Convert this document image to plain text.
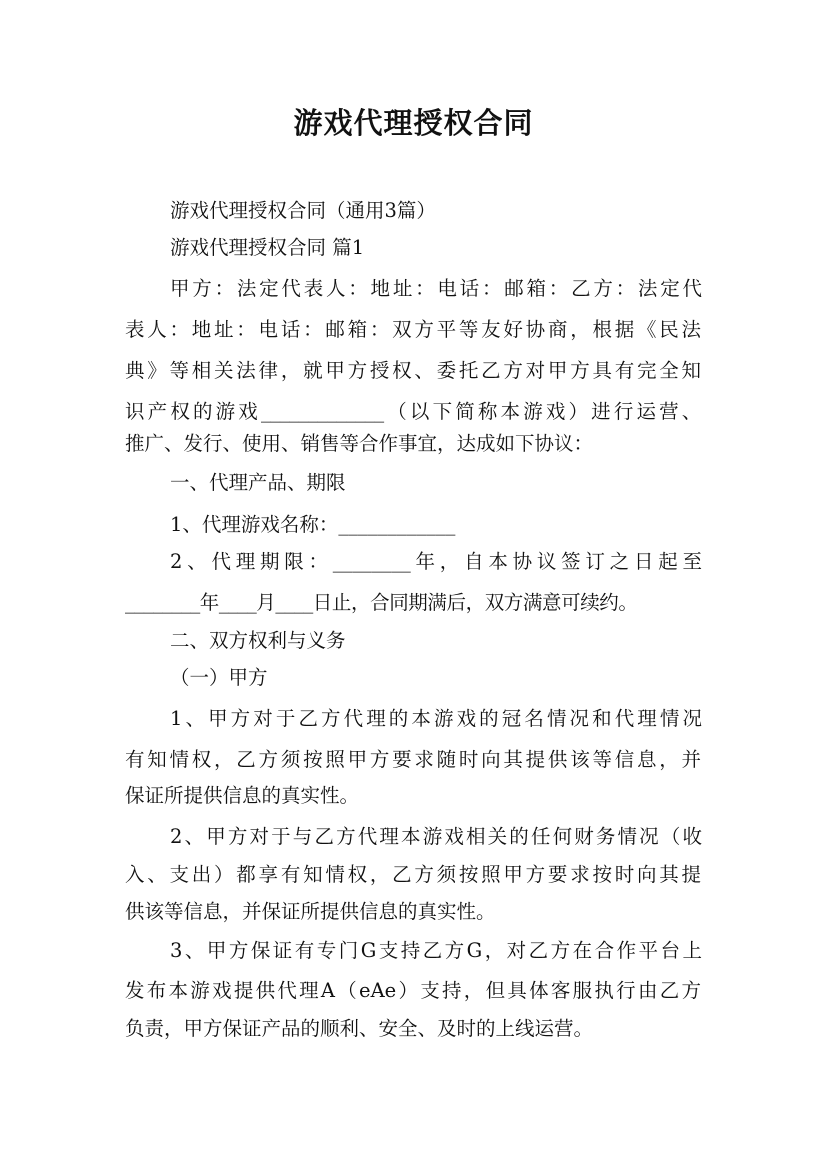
游戏代理授权合同

游戏代理授权合同（通用3篇）

游戏代理授权合同 篇1

甲方：法定代表人：地址：电话：邮箱：乙方：法定代

表人：地址：电话：邮箱：双方平等友好协商，根据《民法

典》等相关法律，就甲方授权、委托乙方对甲方具有完全知

识产权的游戏_____________（以下简称本游戏）进行运营、

推广、发行、使用、销售等合作事宜，达成如下协议：

一、代理产品、期限

1、代理游戏名称：____________

2、代理期限：________年，自本协议签订之日起至

________年____月____日止，合同期满后，双方满意可续约。

二、双方权利与义务

（一）甲方

1、甲方对于乙方代理的本游戏的冠名情况和代理情况

有知情权，乙方须按照甲方要求随时向其提供该等信息，并

保证所提供信息的真实性。

2、甲方对于与乙方代理本游戏相关的任何财务情况（收

入、支出）都享有知情权，乙方须按照甲方要求按时向其提

供该等信息，并保证所提供信息的真实性。

3、甲方保证有专门G支持乙方G，对乙方在合作平台上

发布本游戏提供代理A（eAe）支持，但具体客服执行由乙方

负责，甲方保证产品的顺利、安全、及时的上线运营。
